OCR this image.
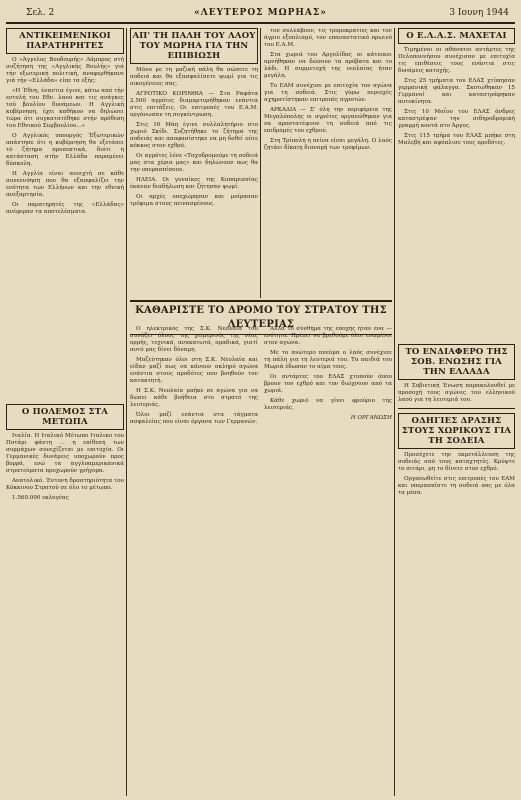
Σελ. 2	«ΛΕΥΤΕΡΟΣ ΜΩΡΗΑΣ»	3 Ιουνη 1944
ΑΝΤΙΚΕΙΜΕΝΙΚΟΙ ΠΑΡΑΤΗΡΗΤΕΣ

Ο «Άγγελος Βουδουρής» Λάμπρος στή συζήτηση της «Αγγλικής Βουλής» γιά τήν εξωτερική πολιτική, αναφερθήκανε γιά τήν «Ελλάδα» είπε τα εξής:

«Η Έθνη, έναντια έγινε, κάτω από τήν εντολή του Εθν. λαού και τις ανάγκες τού βουλίου δυνάμεων. Η Αγγλική κυβέρνηση, έχει καθήκον να δηλώσει τώρα ότι συγκατατέθηκε στήν πρόθεση του Εθνικού Συμβουλίου...»

Ο Αγγλικός υπουργός Έξωτερικών απάντησε ότι η κυβέρνηση θα εξετάσει τό ζήτημα προσεκτικά, διότι η κατάσταση στήν Ελλάδα παραμένει δύσκολη.

Η Αγγλία είναι ανοιχτή σε κάθε συνεννόηση που θα εξασφαλίζει την ενότητα των Ελλήνων και την εθνική ανεξαρτησία.

Οι παρατηρητές της «Ελλάδας» ανέφεραν τα αποτελέσματα.

Ο ΠΟΛΕΜΟΣ ΣΤΑ ΜΕΤΩΠΑ

Ιταλία. Η Ιταλικό Μέτωπο Ιταλικο του Ποτάμι φάντη ... η επίθεση των συμμάχων συνεχίζεται με επιτυχία. Οι Γερμανικές δυνάμεις υποχωρούν προς βορρά, ενώ τα αγγλοαμερικανικά στρατεύματα προχωρούν γρήγορα.

Ανατολικό. Έντονη δραστηριότητα του Κόκκινου Στρατού σε όλο το μέτωπο.

1.560.000 εκλογέας

ΑΠ' ΤΗ ΠΑΛΗ ΤΟΥ ΛΑΟΥ ΤΟΥ ΜΩΡΗΑ ΓΙΑ ΤΗΝ ΕΠΙΒΙΩΣΗ

Μόνο με τη μαζική πάλη θα σώσετε τη σοδειά και θα εξασφαλίσετε ψωμί για τις οικογένειες σας.

ΑΓΡΟΤΙΚΟ ΚΟΡΙΝΘΙΑ — Στα Ραφάτα 2.500 αγρότες διαμαρτυρήθηκαν ενάντια στις επιτάξεις. Οι επιτροπές του Ε.Α.Μ. οργάνωσαν τη συγκέντρωση.

Στις 16 Μάη έγινε συλλαλητήριο στο χωριό Σκίδι. Συζητήθηκε το ζήτημα της σοδειάς και αποφασίστηκε να μη δοθεί ούτε κόκκος στον εχθρό.

Οι αγρότες λένε «Ταχυδρομούμε τη σοδειά μας στα χέρια μας» και δηλώνουν πως θα την υπερασπίσουν.

ΗΛΕΙΑ. Οι γυναίκες της Κυπαρισσίας έκαναν διαδήλωση και ζήτησαν ψωμί.

Οι αρχές υποχώρησαν και μοίρασαν τρόφιμα στους πεινασμένους.

τον συλλάβουν, τις τρομοκρατίες και τον άγριο εξοπλισμό, τον επαναστατικό πρωινό του Ε.Α.Μ.

Στα χωριά του Αργολίδας οι κάτοικοι αρνήθηκαν να δώσουν τα πρόβατα και το λάδι. Η συμμετοχή της νεολαίας ήταν μεγάλη.

Το ΕΑΜ συνέχισε με επιτυχία τον αγώνα για τη σοδειά. Στις γύρω περιοχές σχηματίστηκαν επιτροπές αγροτών.

ΑΡΚΑΔΙΑ — Σ' όλη την περιφέρεια της Μεγαλόπολης οι αγρότες οργανώθηκαν για να προστατέψουν τη σοδειά από τις επιδρομές του εχθρού.

Στη Τρίπολη η πείνα είναι μεγάλη. Ο λαός ζητάει δίκαιη διανομή των τροφίμων.

ΚΑΘΑΡΙΣΤΕ ΤΟ ΔΡΟΜΟ ΤΟΥ ΣΤΡΑΤΟΥ ΤΗΣ ΛΕΥΤΕΡΙΑΣ

Ο ηλεκτρικός της Σ.Κ. Νεολαία του συνάζει όλους της χειμερινός της νέας ορμής, τεχνικά, ανακατωτά, ομαδικά, γιατί αυτό μας δίνει δύναμη.

Μαζεύτηκαν όλοι στη Σ.Κ. Νεολαία και είδαν μαζί πως να κάνουν σκληρό αγώνα ενάντια στους προδότες που βοηθούν τον κατακτητή.

Η Σ.Κ. Νεολαία μπήκε σε αγώνα για να δώσει κάθε βοήθεια στο στρατό της λευτεριάς.

Όλοι μαζί ενάντια στα τάγματα ασφαλείας που είναι όργανα των Γερμανών.

Αλλά το σύνθημα της εποχής ήταν ένα — ενότητα. Πρέπει να βρεθούμε όλοι ενωμένοι στον αγώνα.

Με το ανώτερο πνεύμα ο λαός συνέχισε τη πάλη για τη λευτεριά του. Τα παιδιά του Μωριά έδωσαν το αίμα τους.

Οι αντάρτες του ΕΛΑΣ χτυπούν όπου βρουν τον εχθρό και τον διώχνουν από τα χωριά.

Κάθε χωριό να γίνει φρούριο της λευτεριάς.

Η ΟΡΓΑΝΩΣΗ
Ο Ε.Λ.Α.Σ. ΜΑΧΕΤΑΙ

Τιμημένοι οι αθάνατοι αντάρτες της Πελοποννήσου συνέχισαν με επιτυχία τις επιθέσεις τους ενάντια στις δυνάμεις κατοχής.

Στις 25 τμήματα του ΕΛΑΣ χτύπησαν γερμανική φάλαγγα. Σκοτώθηκαν 15 Γερμανοί και καταστράφηκαν αυτοκίνητα.

Στις 10 Μαΐου του ΕΛΑΣ άνδρες καταστρέψαν την σιδηροδρομική γραμμή κοντά στο Άργος.

Στις 115 τμήμα του ΕΛΑΣ μπήκε στη Μαλεβή και αφόπλισε τους προδότες.

ΤΟ ΕΝΔΙΑΦΕΡΟ ΤΗΣ ΣΟΒ. ΕΝΩΣΗΣ ΓΙΑ ΤΗΝ ΕΛΛΑΔΑ

Η Σοβιετική Ένωση παρακολουθεί με προσοχή τους αγώνες του ελληνικού λαού για τη λευτεριά του.

ΟΔΗΓΙΕΣ ΔΡΑΣΗΣ ΣΤΟΥΣ ΧΩΡΙΚΟΥΣ ΓΙΑ ΤΗ ΣΟΔΕΙΑ

Προσέχετε την εκμετάλλευση της σοδειάς από τους καταχτητές. Κρύψτε το σιτάρι, μη το δίνετε στον εχθρό.

Οργανωθείτε στις επιτροπές του ΕΑΜ και υπερασπίστε τη σοδειά σας με όλα τα μέσα.
